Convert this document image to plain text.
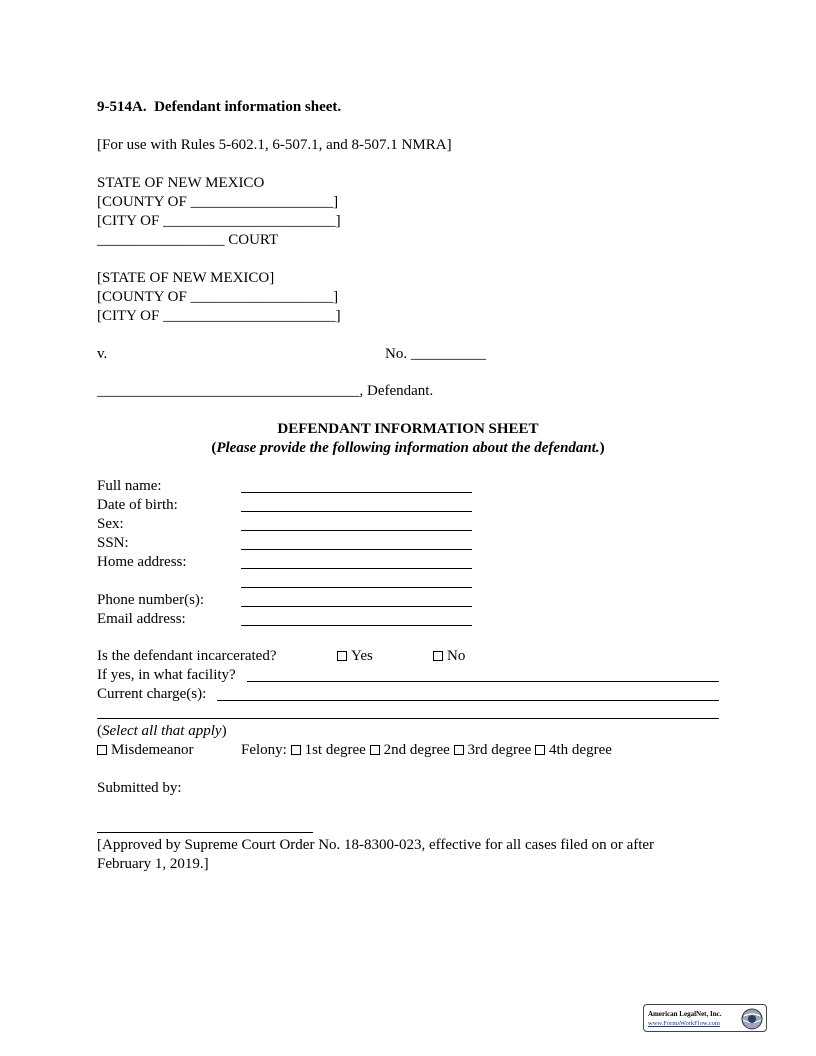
9-514A.  Defendant information sheet.
[For use with Rules 5-602.1, 6-507.1, and 8-507.1 NMRA]
STATE OF NEW MEXICO
[COUNTY OF ___________________]
[CITY OF _______________________]
_________________ COURT
[STATE OF NEW MEXICO]
[COUNTY OF ___________________]
[CITY OF _______________________]
v.	No. __________
___________________________________, Defendant.
DEFENDANT INFORMATION SHEET
(Please provide the following information about the defendant.)
Full name:
Date of birth:
Sex:
SSN:
Home address:
Phone number(s):
Email address:
Is the defendant incarcerated?	Yes	No
If yes, in what facility?
Current charge(s):
(Select all that apply)
Misdemeanor	Felony: 1st degree 2nd degree 3rd degree 4th degree
Submitted by:
[Approved by Supreme Court Order No. 18-8300-023, effective for all cases filed on or after
February 1, 2019.]
American LegalNet, Inc.
www.FormsWorkFlow.com
